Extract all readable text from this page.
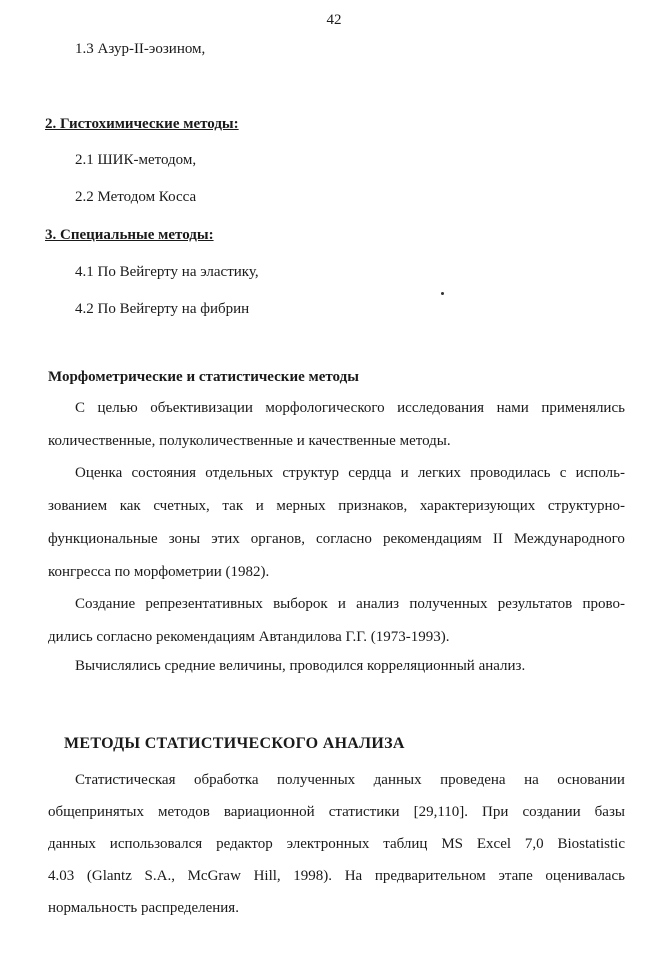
42
1.3 Азур-II-эозином,
2. Гистохимические методы:
2.1 ШИК-методом,
2.2 Методом Косса
3. Специальные методы:
4.1 По Вейгерту на эластику,
4.2 По Вейгерту на фибрин
Морфометрические и статистические методы
С целью объективизации морфологического исследования нами применялись
количественные, полуколичественные и качественные методы.
Оценка состояния отдельных структур сердца и легких проводилась с исполь-
зованием как счетных, так и мерных признаков, характеризующих структурно-
функциональные зоны этих органов, согласно рекомендациям II Международного
конгресса по морфометрии (1982).
Создание репрезентативных выборок и анализ полученных результатов прово-
дились согласно рекомендациям Автандилова Г.Г. (1973-1993).
Вычислялись средние величины, проводился корреляционный анализ.
МЕТОДЫ СТАТИСТИЧЕСКОГО АНАЛИЗА
Статистическая обработка полученных данных проведена на основании
общепринятых методов вариационной статистики [29,110]. При создании базы
данных использовался редактор электронных таблиц MS Excel 7,0 Biostatistic
4.03 (Glantz S.A., McGraw Hill, 1998). На предварительном этапе оценивалась
нормальность распределения.
